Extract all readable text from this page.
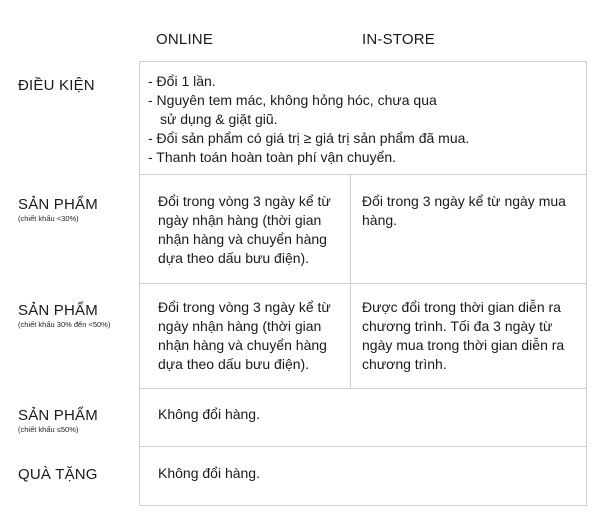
ONLINE	IN-STORE
ĐIỀU KIỆN
SẢN PHẨM
(chiết khấu <30%)
SẢN PHẨM
(chiết khấu 30% đến <50%)
SẢN PHẨM
(chiết khấu ≤50%)
QUÀ TẶNG
- Đổi 1 lần.
- Nguyên tem mác, không hỏng hóc, chưa qua
sử dụng & giặt giũ.
- Đổi sản phẩm có giá trị ≥ giá trị sản phẩm đã mua.
- Thanh toán hoàn toàn phí vận chuyển.
Đổi trong vòng 3 ngày kể từ ngày nhận hàng (thời gian nhận hàng và chuyển hàng dựa theo dấu bưu điện).
Đổi trong 3 ngày kể từ ngày mua hàng.
Đổi trong vòng 3 ngày kể từ ngày nhận hàng (thời gian nhận hàng và chuyển hàng dựa theo dấu bưu điện).
Được đổi trong thời gian diễn ra chương trình. Tối đa 3 ngày từ ngày mua trong thời gian diễn ra chương trình.
Không đổi hàng.
Không đổi hàng.
